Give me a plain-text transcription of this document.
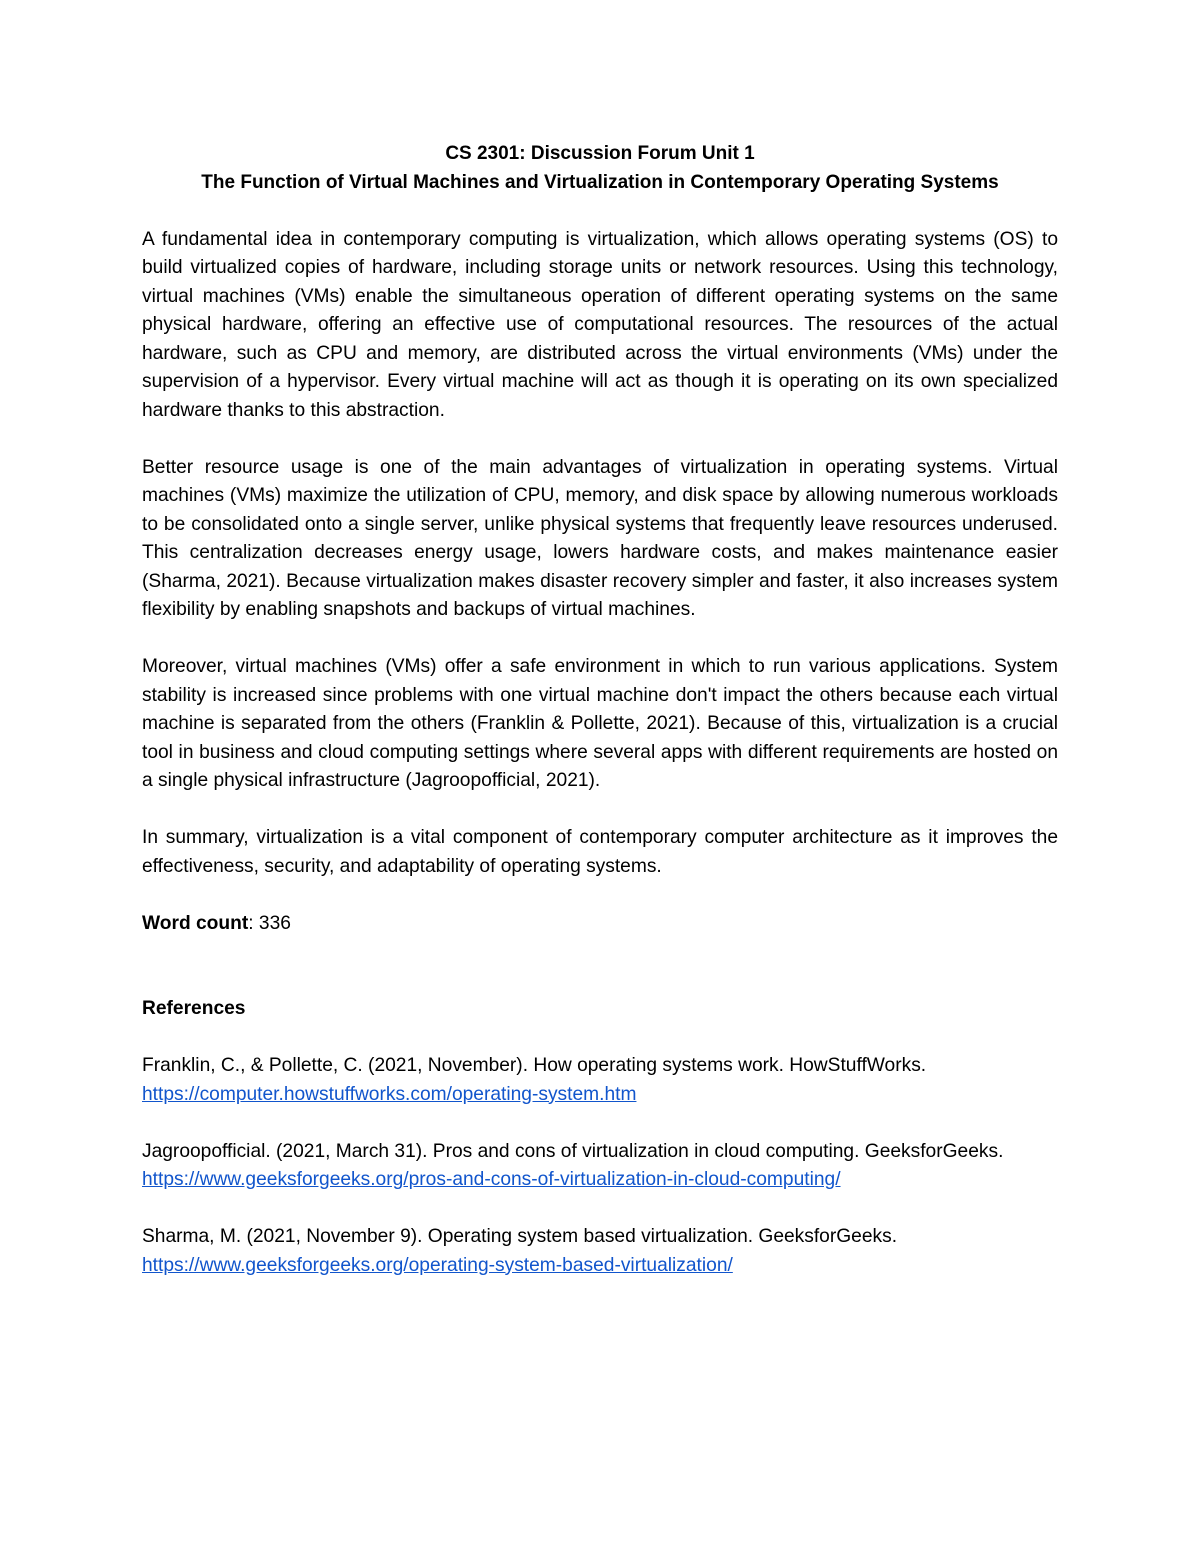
CS 2301: Discussion Forum Unit 1
The Function of Virtual Machines and Virtualization in Contemporary Operating Systems

A fundamental idea in contemporary computing is virtualization, which allows operating systems (OS) to build virtualized copies of hardware, including storage units or network resources. Using this technology, virtual machines (VMs) enable the simultaneous operation of different operating systems on the same physical hardware, offering an effective use of computational resources. The resources of the actual hardware, such as CPU and memory, are distributed across the virtual environments (VMs) under the supervision of a hypervisor. Every virtual machine will act as though it is operating on its own specialized hardware thanks to this abstraction.

Better resource usage is one of the main advantages of virtualization in operating systems. Virtual machines (VMs) maximize the utilization of CPU, memory, and disk space by allowing numerous workloads to be consolidated onto a single server, unlike physical systems that frequently leave resources underused. This centralization decreases energy usage, lowers hardware costs, and makes maintenance easier (Sharma, 2021). Because virtualization makes disaster recovery simpler and faster, it also increases system flexibility by enabling snapshots and backups of virtual machines.

Moreover, virtual machines (VMs) offer a safe environment in which to run various applications. System stability is increased since problems with one virtual machine don't impact the others because each virtual machine is separated from the others (Franklin & Pollette, 2021). Because of this, virtualization is a crucial tool in business and cloud computing settings where several apps with different requirements are hosted on a single physical infrastructure (Jagroopofficial, 2021).

In summary, virtualization is a vital component of contemporary computer architecture as it improves the effectiveness, security, and adaptability of operating systems.

Word count: 336

References

Franklin, C., & Pollette, C. (2021, November). How operating systems work. HowStuffWorks.
https://computer.howstuffworks.com/operating-system.htm

Jagroopofficial. (2021, March 31). Pros and cons of virtualization in cloud computing. GeeksforGeeks. https://www.geeksforgeeks.org/pros-and-cons-of-virtualization-in-cloud-computing/

Sharma, M. (2021, November 9). Operating system based virtualization. GeeksforGeeks.
https://www.geeksforgeeks.org/operating-system-based-virtualization/
